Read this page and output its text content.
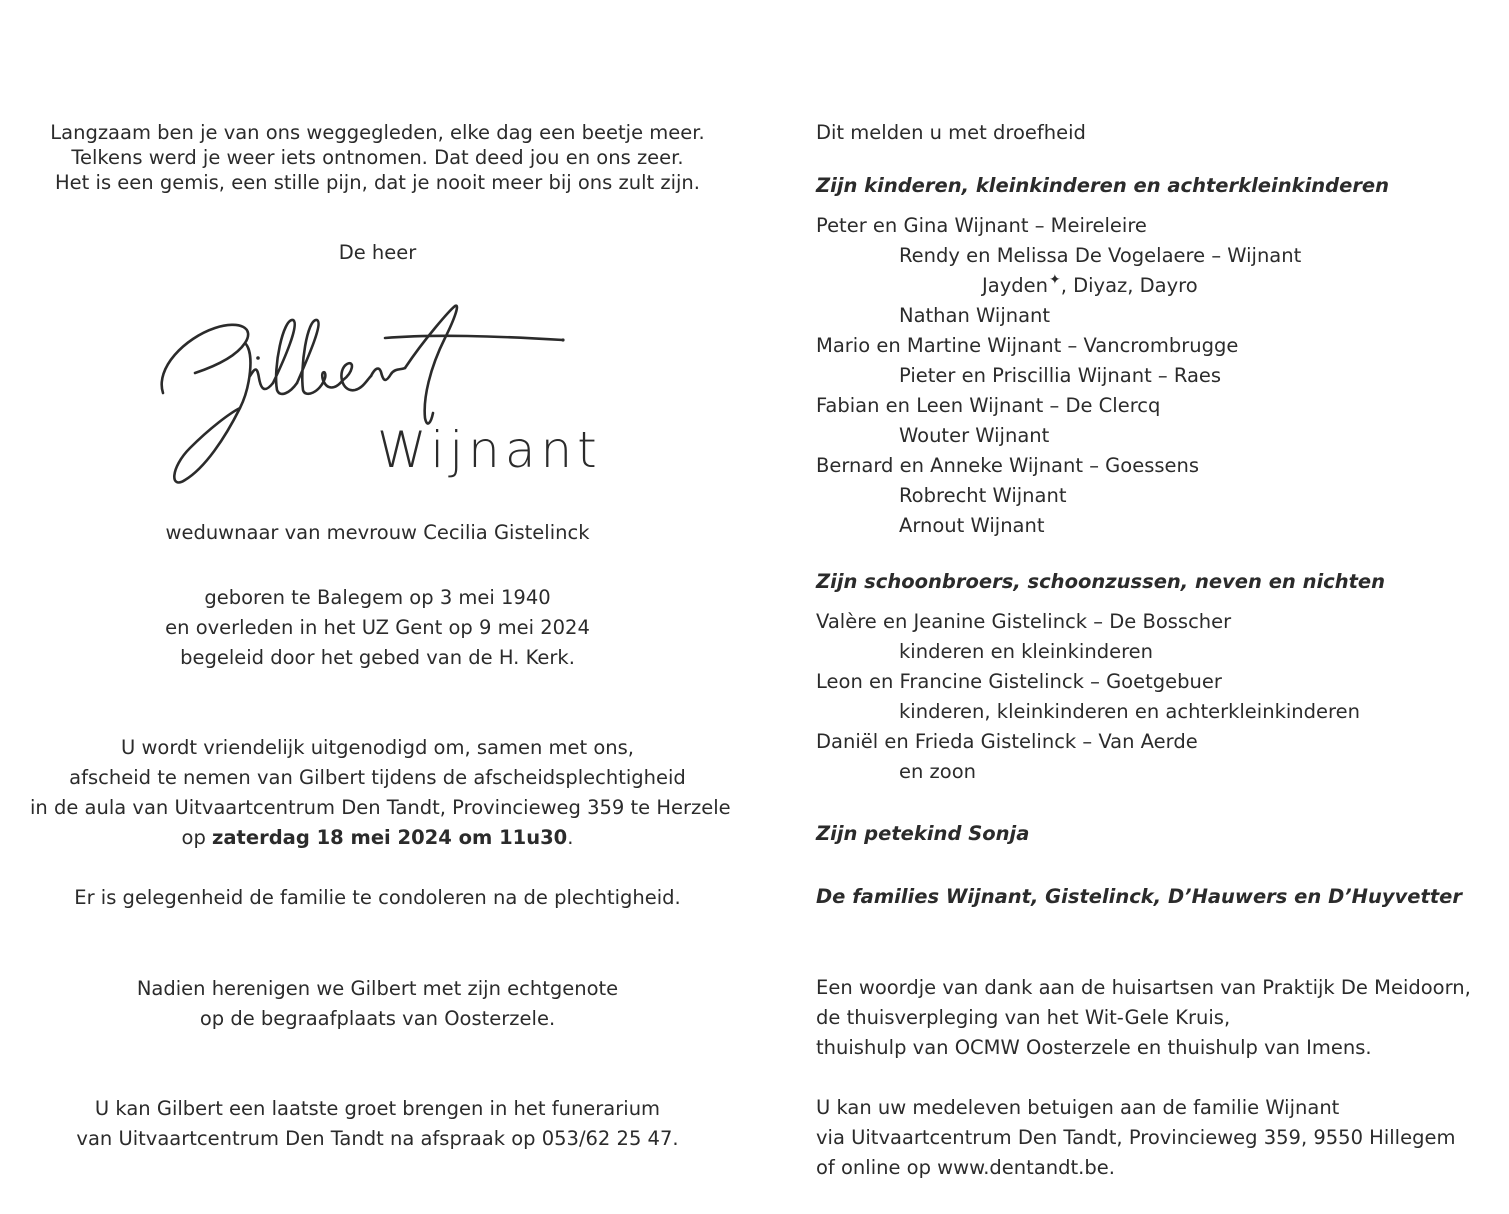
Langzaam ben je van ons weggegleden, elke dag een beetje meer.
Telkens werd je weer iets ontnomen. Dat deed jou en ons zeer.
Het is een gemis, een stille pijn, dat je nooit meer bij ons zult zijn.
De heer
Wijnant
weduwnaar van mevrouw Cecilia Gistelinck
geboren te Balegem op 3 mei 1940
en overleden in het UZ Gent op 9 mei 2024
begeleid door het gebed van de H. Kerk.
U wordt vriendelijk uitgenodigd om, samen met ons,
afscheid te nemen van Gilbert tijdens de afscheidsplechtigheid
in de aula van Uitvaartcentrum Den Tandt, Provincieweg 359 te Herzele
op zaterdag 18 mei 2024 om 11u30.
Er is gelegenheid de familie te condoleren na de plechtigheid.
Nadien herenigen we Gilbert met zijn echtgenote
op de begraafplaats van Oosterzele.
U kan Gilbert een laatste groet brengen in het funerarium
van Uitvaartcentrum Den Tandt na afspraak op 053/62 25 47.
Dit melden u met droefheid
Zijn kinderen, kleinkinderen en achterkleinkinderen
Peter en Gina Wijnant – Meireleire
Rendy en Melissa De Vogelaere – Wijnant
Jayden✦, Diyaz, Dayro
Nathan Wijnant
Mario en Martine Wijnant – Vancrombrugge
Pieter en Priscillia Wijnant – Raes
Fabian en Leen Wijnant – De Clercq
Wouter Wijnant
Bernard en Anneke Wijnant – Goessens
Robrecht Wijnant
Arnout Wijnant
Zijn schoonbroers, schoonzussen, neven en nichten
Valère en Jeanine Gistelinck – De Bosscher
kinderen en kleinkinderen
Leon en Francine Gistelinck – Goetgebuer
kinderen, kleinkinderen en achterkleinkinderen
Daniël en Frieda Gistelinck – Van Aerde
en zoon
Zijn petekind Sonja
De families Wijnant, Gistelinck, D’Hauwers en D’Huyvetter
Een woordje van dank aan de huisartsen van Praktijk De Meidoorn,
de thuisverpleging van het Wit-Gele Kruis,
thuishulp van OCMW Oosterzele en thuishulp van Imens.
U kan uw medeleven betuigen aan de familie Wijnant
via Uitvaartcentrum Den Tandt, Provincieweg 359, 9550 Hillegem
of online op www.dentandt.be.
